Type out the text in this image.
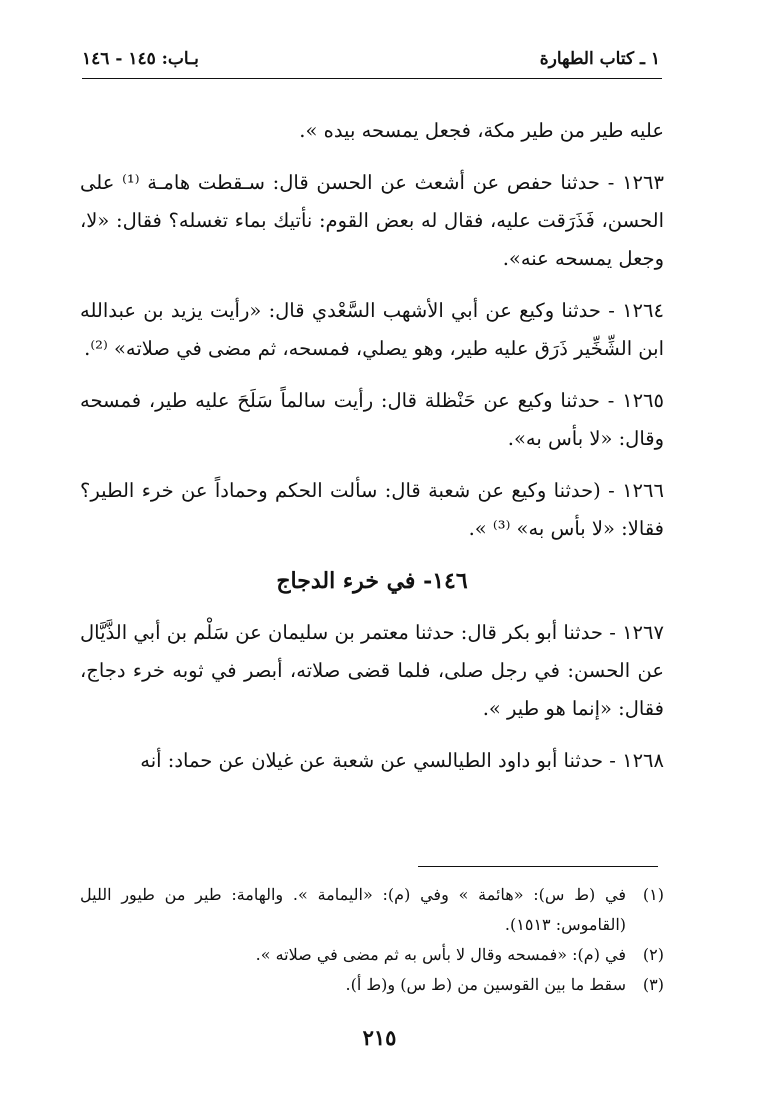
١ ـ كتاب الطهارة
بـاب: ١٤٥ - ١٤٦

عليه طير من طير مكة، فجعل يمسحه بيده ».

١٢٦٣ - حدثنا حفص عن أشعث عن الحسن قال: سـقطت هامـة ⁽¹⁾ على الحسن، فَذَرَقت عليه، فقال له بعض القوم: نأتيك بماء تغسله؟ فقال: «لا، وجعل يمسحه عنه».

١٢٦٤ - حدثنا وكيع عن أبي الأشهب السَّعْدي قال: «رأيت يزيد بن عبدالله ابن الشِّخِّير ذَرَق عليه طير، وهو يصلي، فمسحه، ثم مضى في صلاته» ⁽²⁾.

١٢٦٥ - حدثنا وكيع عن حَنْظلة قال: رأيت سالماً سَلَحَ عليه طير، فمسحه وقال: «لا بأس به».

١٢٦٦ - (حدثنا وكيع عن شعبة قال: سألت الحكم وحماداً عن خرء الطير؟ فقالا: «لا بأس به» ⁽³⁾ ».

١٤٦- في خرء الدجاج

١٢٦٧ - حدثنا أبو بكر قال: حدثنا معتمر بن سليمان عن سَلْم بن أبي الذَّيَّال عن الحسن: في رجل صلى، فلما قضى صلاته، أبصر في ثوبه خرء دجاج، فقال: «إنما هو طير ».

١٢٦٨ - حدثنا أبو داود الطيالسي عن شعبة عن غيلان عن حماد: أنه

(١)
في (ط س): «هائمة » وفي (م): «اليمامة ». والهامة: طير من طيور الليل (القاموس: ١٥١٣).
(٢)
في (م): «فمسحه وقال لا بأس به ثم مضى في صلاته ».
(٣)
سقط ما بين القوسين من (ط س) و(ط أ).
٢١٥
